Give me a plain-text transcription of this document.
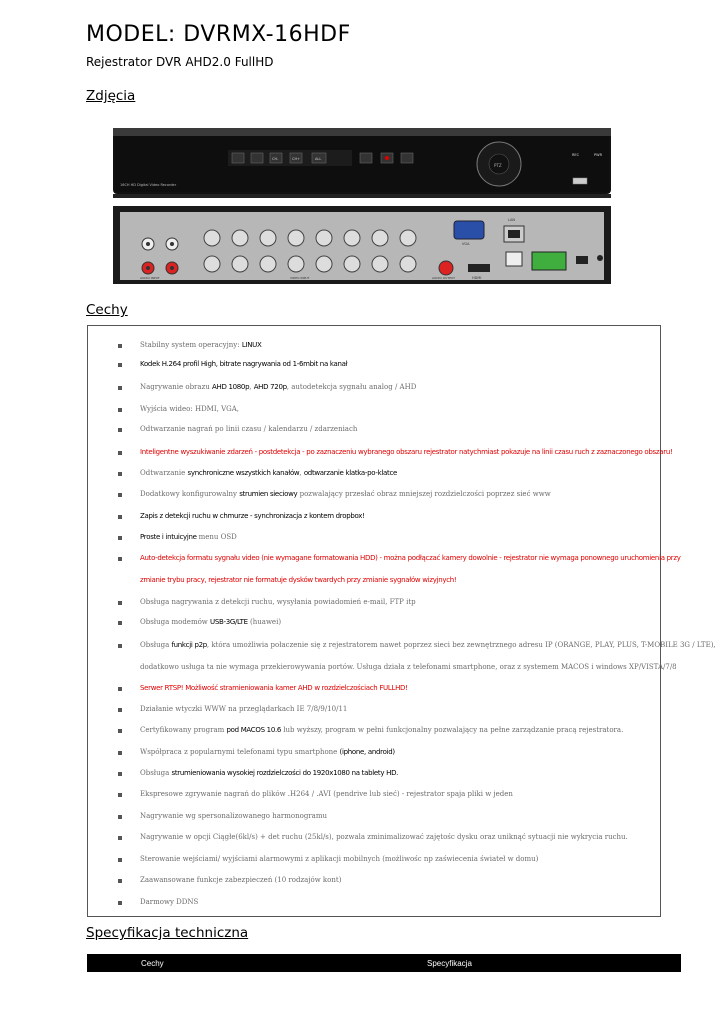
MODEL: DVRMX-16HDF
Rejestrator DVR AHD2.0 FullHD
Zdjęcia
CH-	CH+	ALL
PTZ
REC	PWR
16CH HD Digital Video Recorder
AUDIO INPUT	VIDEO INPUT	AUDIO OUTPUT
VGA
HDMI
LAN
Cechy
Stabilny system operacyjny: LINUX
Kodek H.264 profil High, bitrate nagrywania od 1-6mbit na kanał
Nagrywanie obrazu AHD 1080p, AHD 720p, autodetekcja sygnału analog / AHD
Wyjścia wideo: HDMI, VGA,
Odtwarzanie nagrań po linii czasu / kalendarzu / zdarzeniach
Inteligentne wyszukiwanie zdarzeń - postdetekcja - po zaznaczeniu wybranego obszaru rejestrator natychmiast pokazuje na linii czasu ruch z zaznaczonego obszaru!
Odtwarzanie synchroniczne wszystkich kanałów, odtwarzanie klatka-po-klatce
Dodatkowy konfigurowalny strumien sieciowy pozwalający przesłać obraz mniejszej rozdzielczości poprzez sieć www
Zapis z detekcji ruchu w chmurze - synchronizacja z kontem dropbox!
Proste i intuicyjne menu OSD
Auto-detekcja formatu sygnału video (nie wymagane formatowania HDD) - można podłączać kamery dowolnie - rejestrator nie wymaga ponownego uruchomienia przy
zmianie trybu pracy, rejestrator nie formatuje dysków twardych przy zmianie sygnałów wizyjnych!
Obsługa nagrywania z detekcji ruchu, wysyłania powiadomień e-mail, FTP itp
Obsługa modemów USB-3G/LTE (huawei)
Obsługa funkcji p2p, która umożliwia połaczenie się z rejestratorem nawet poprzez sieci bez zewnętrznego adresu IP (ORANGE, PLAY, PLUS, T-MOBILE 3G / LTE),
dodatkowo usługa ta nie wymaga przekierowywania portów. Usługa działa z telefonami smartphone, oraz z systemem MACOS i windows XP/VISTA/7/8
Serwer RTSP! Możliwość stramieniowania kamer AHD w rozdzielczościach FULLHD!
Działanie wtyczki WWW na przeglądarkach IE 7/8/9/10/11
Certyfikowany program pod MACOS 10.6 lub wyższy, program w pełni funkcjonalny pozwalający na pełne zarządzanie pracą rejestratora.
Współpraca z popularnymi telefonami typu smartphone (iphone, android)
Obsługa strumieniowania wysokiej rozdzielczości do 1920x1080 na tablety HD.
Ekspresowe zgrywanie nagrań do plików .H264 / .AVI (pendrive lub sieć) - rejestrator spaja pliki w jeden
Nagrywanie wg spersonalizowanego harmonogramu
Nagrywanie w opcji Ciągłe(6kl/s) + det ruchu (25kl/s), pozwala zminimalizować zajętośc dysku oraz uniknąć sytuacji nie wykrycia ruchu.
Sterowanie wejściami/ wyjściami alarmowymi z aplikacji mobilnych (możliwośc np zaświecenia świateł w domu)
Zaawansowane funkcje zabezpieczeń (10 rodzajów kont)
Darmowy DDNS
Specyfikacja techniczna
Cechy	Specyfikacja
